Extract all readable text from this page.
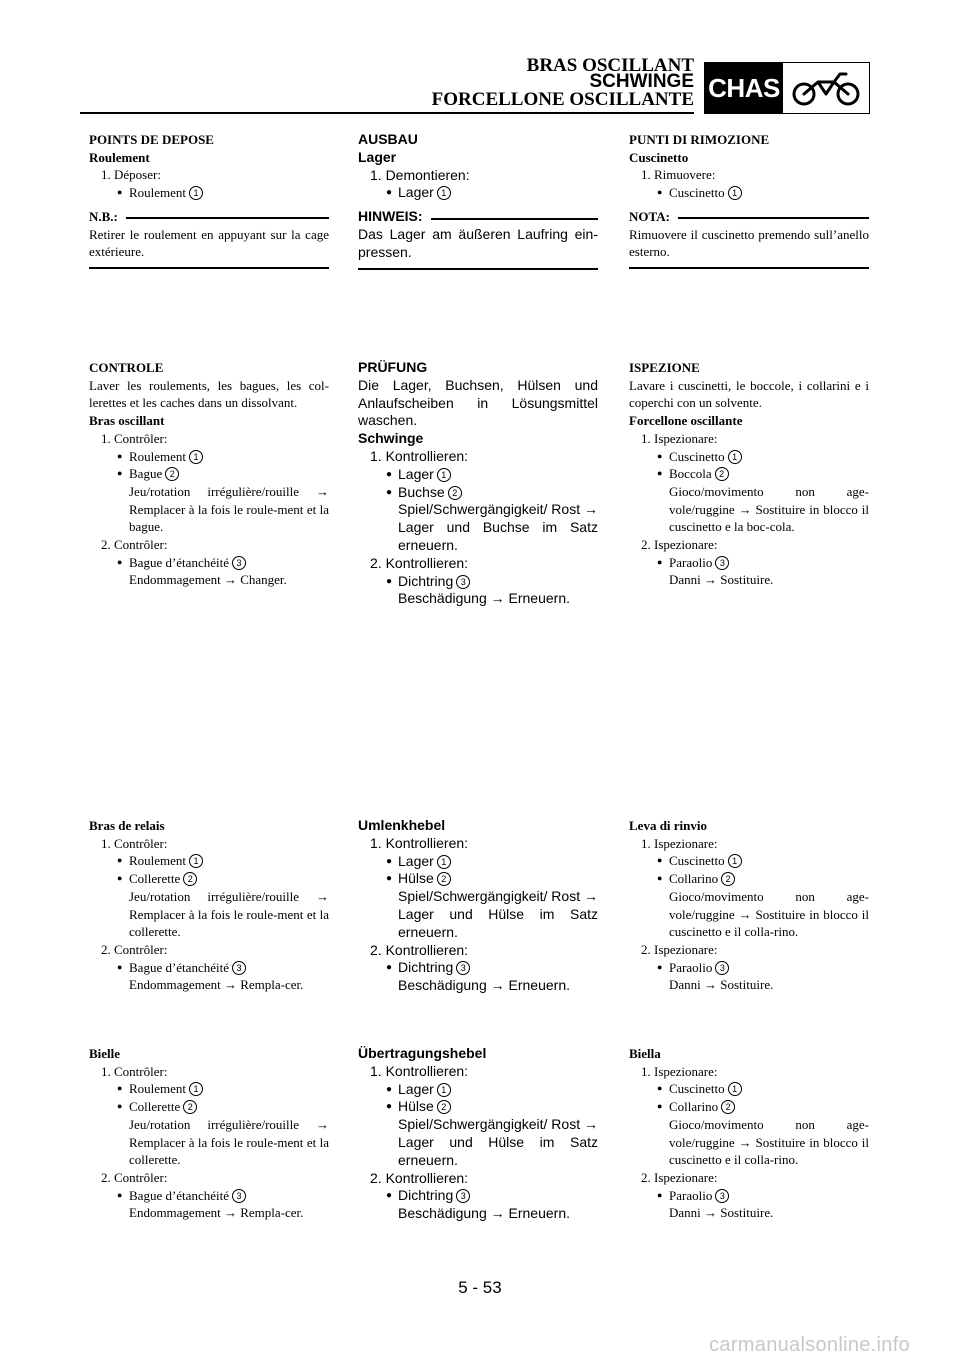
BRAS OSCILLANT
SCHWINGE
FORCELLONE OSCILLANTE CHAS
POINTS DE DEPOSE
Roulement
1. Déposer:
● Roulement 1
N.B.:
Retirer le roulement en appuyant sur la cage extérieure.
AUSBAU
Lager
1. Demontieren:
● Lager 1
HINWEIS:
Das Lager am äußeren Laufring ein-pressen.
PUNTI DI RIMOZIONE
Cuscinetto
1. Rimuovere:
● Cuscinetto 1
NOTA:
Rimuovere il cuscinetto premendo sull’anello esterno.
CONTROLE
Laver les roulements, les bagues, les col-lerettes et les caches dans un dissolvant.
Bras oscillant
1. Contrôler:
● Roulement 1
● Bague 2
Jeu/rotation irrégulière/rouille → Remplacer à la fois le roule-ment et la bague.
2. Contrôler:
● Bague d’étanchéité 3
Endommagement → Changer.
PRÜFUNG
Die Lager, Buchsen, Hülsen und Anlaufscheiben in Lösungsmittel waschen.
Schwinge
1. Kontrollieren:
● Lager 1
● Buchse 2
Spiel/Schwergängigkeit/ Rost → Lager und Buchse im Satz erneuern.
2. Kontrollieren:
● Dichtring 3
Beschädigung → Erneuern.
ISPEZIONE
Lavare i cuscinetti, le boccole, i collarini e i coperchi con un solvente.
Forcellone oscillante
1. Ispezionare:
● Cuscinetto 1
● Boccola 2
Gioco/movimento non age-vole/ruggine → Sostituire in blocco il cuscinetto e la boc-cola.
2. Ispezionare:
● Paraolio 3
Danni → Sostituire.
Bras de relais
1. Contrôler:
● Roulement 1
● Collerette 2
Jeu/rotation irrégulière/rouille → Remplacer à la fois le roule-ment et la collerette.
2. Contrôler:
● Bague d’étanchéité 3
Endommagement → Rempla-cer.
Umlenkhebel
1. Kontrollieren:
● Lager 1
● Hülse 2
Spiel/Schwergängigkeit/ Rost → Lager und Hülse im Satz erneuern.
2. Kontrollieren:
● Dichtring 3
Beschädigung → Erneuern.
Leva di rinvio
1. Ispezionare:
● Cuscinetto 1
● Collarino 2
Gioco/movimento non age-vole/ruggine → Sostituire in blocco il cuscinetto e il colla-rino.
2. Ispezionare:
● Paraolio 3
Danni → Sostituire.
Bielle
1. Contrôler:
● Roulement 1
● Collerette 2
Jeu/rotation irrégulière/rouille → Remplacer à la fois le roule-ment et la collerette.
2. Contrôler:
● Bague d’étanchéité 3
Endommagement → Rempla-cer.
Übertragungshebel
1. Kontrollieren:
● Lager 1
● Hülse 2
Spiel/Schwergängigkeit/ Rost → Lager und Hülse im Satz erneuern.
2. Kontrollieren:
● Dichtring 3
Beschädigung → Erneuern.
Biella
1. Ispezionare:
● Cuscinetto 1
● Collarino 2
Gioco/movimento non age-vole/ruggine → Sostituire in blocco il cuscinetto e il colla-rino.
2. Ispezionare:
● Paraolio 3
Danni → Sostituire.
5 - 53
carmanualsonline.info
